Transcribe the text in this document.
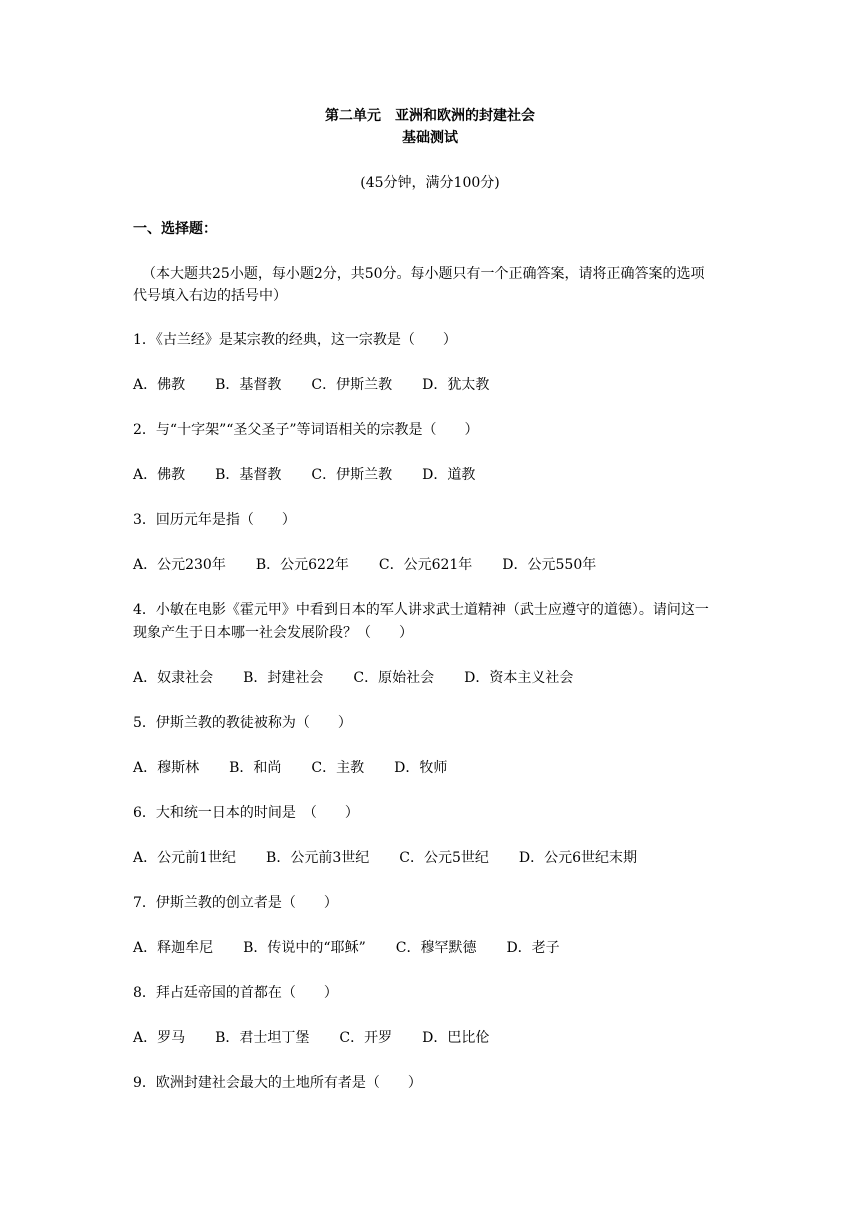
第二单元　亚洲和欧洲的封建社会
基础测试
(45分钟，满分100分)
一、选择题：
（本大题共25小题，每小题2分，共50分。每小题只有一个正确答案，请将正确答案的选项
代号填入右边的括号中）
1．《古兰经》是某宗教的经典，这一宗教是（　　）
A．佛教 B．基督教 C．伊斯兰教 D．犹太教
2．与“十字架”“圣父圣子”等词语相关的宗教是（　　）
A．佛教 B．基督教 C．伊斯兰教 D．道教
3．回历元年是指（　　）
A．公元230年 B．公元622年 C．公元621年 D．公元550年
4．小敏在电影《霍元甲》中看到日本的军人讲求武士道精神（武士应遵守的道德）。请问这一
现象产生于日本哪一社会发展阶段？（　　）
A．奴隶社会 B．封建社会 C．原始社会 D．资本主义社会
5．伊斯兰教的教徒被称为（　　）
A．穆斯林 B．和尚 C．主教 D．牧师
6．大和统一日本的时间是　（　　）
A．公元前1世纪 B．公元前3世纪 C．公元5世纪 D．公元6世纪末期
7．伊斯兰教的创立者是（　　）
A．释迦牟尼 B．传说中的“耶稣” C．穆罕默德 D．老子
8．拜占廷帝国的首都在（　　）
A．罗马 B．君士坦丁堡 C．开罗 D．巴比伦
9．欧洲封建社会最大的土地所有者是（　　）
